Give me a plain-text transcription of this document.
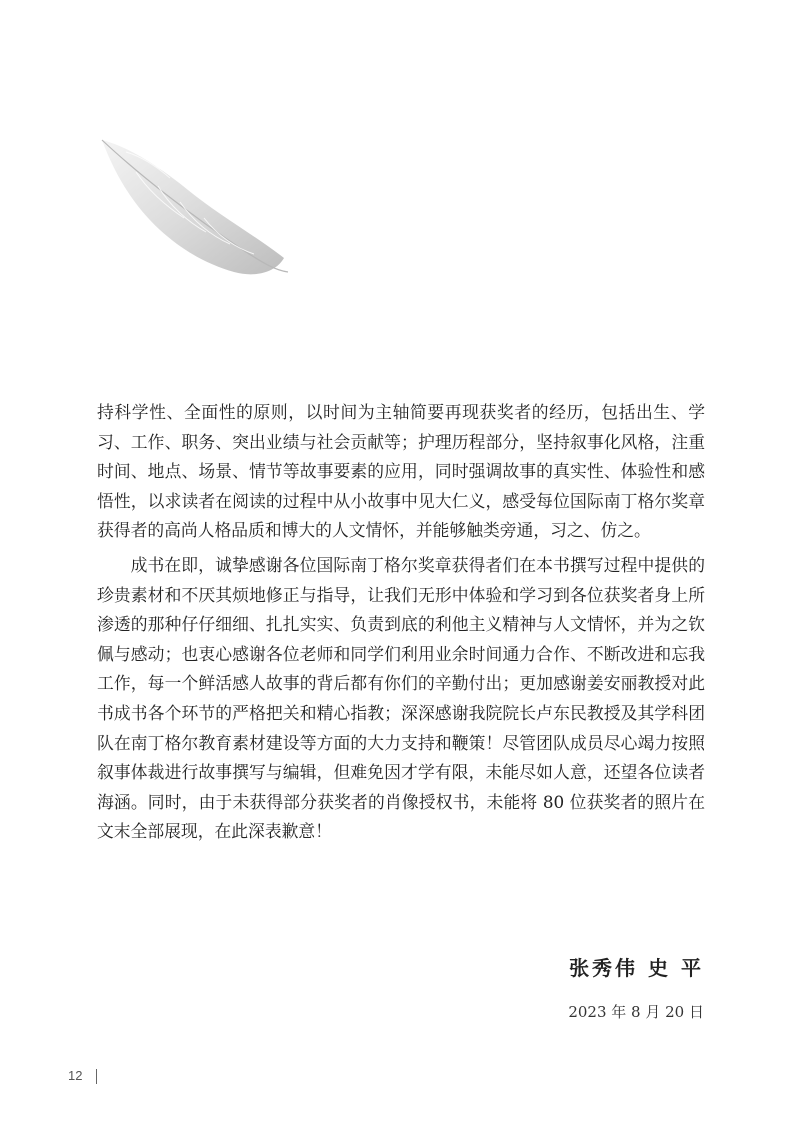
持科学性、全面性的原则，以时间为主轴简要再现获奖者的经历，包括出生、学习、工作、职务、突出业绩与社会贡献等；护理历程部分，坚持叙事化风格，注重时间、地点、场景、情节等故事要素的应用，同时强调故事的真实性、体验性和感悟性，以求读者在阅读的过程中从小故事中见大仁义，感受每位国际南丁格尔奖章获得者的高尚人格品质和博大的人文情怀，并能够触类旁通，习之、仿之。

成书在即，诚挚感谢各位国际南丁格尔奖章获得者们在本书撰写过程中提供的珍贵素材和不厌其烦地修正与指导，让我们无形中体验和学习到各位获奖者身上所渗透的那种仔仔细细、扎扎实实、负责到底的利他主义精神与人文情怀，并为之钦佩与感动；也衷心感谢各位老师和同学们利用业余时间通力合作、不断改进和忘我工作，每一个鲜活感人故事的背后都有你们的辛勤付出；更加感谢姜安丽教授对此书成书各个环节的严格把关和精心指教；深深感谢我院院长卢东民教授及其学科团队在南丁格尔教育素材建设等方面的大力支持和鞭策！尽管团队成员尽心竭力按照叙事体裁进行故事撰写与编辑，但难免因才学有限，未能尽如人意，还望各位读者海涵。同时，由于未获得部分获奖者的肖像授权书，未能将 80 位获奖者的照片在文末全部展现，在此深表歉意！

张秀伟 史 平
2023 年 8 月 20 日
12
